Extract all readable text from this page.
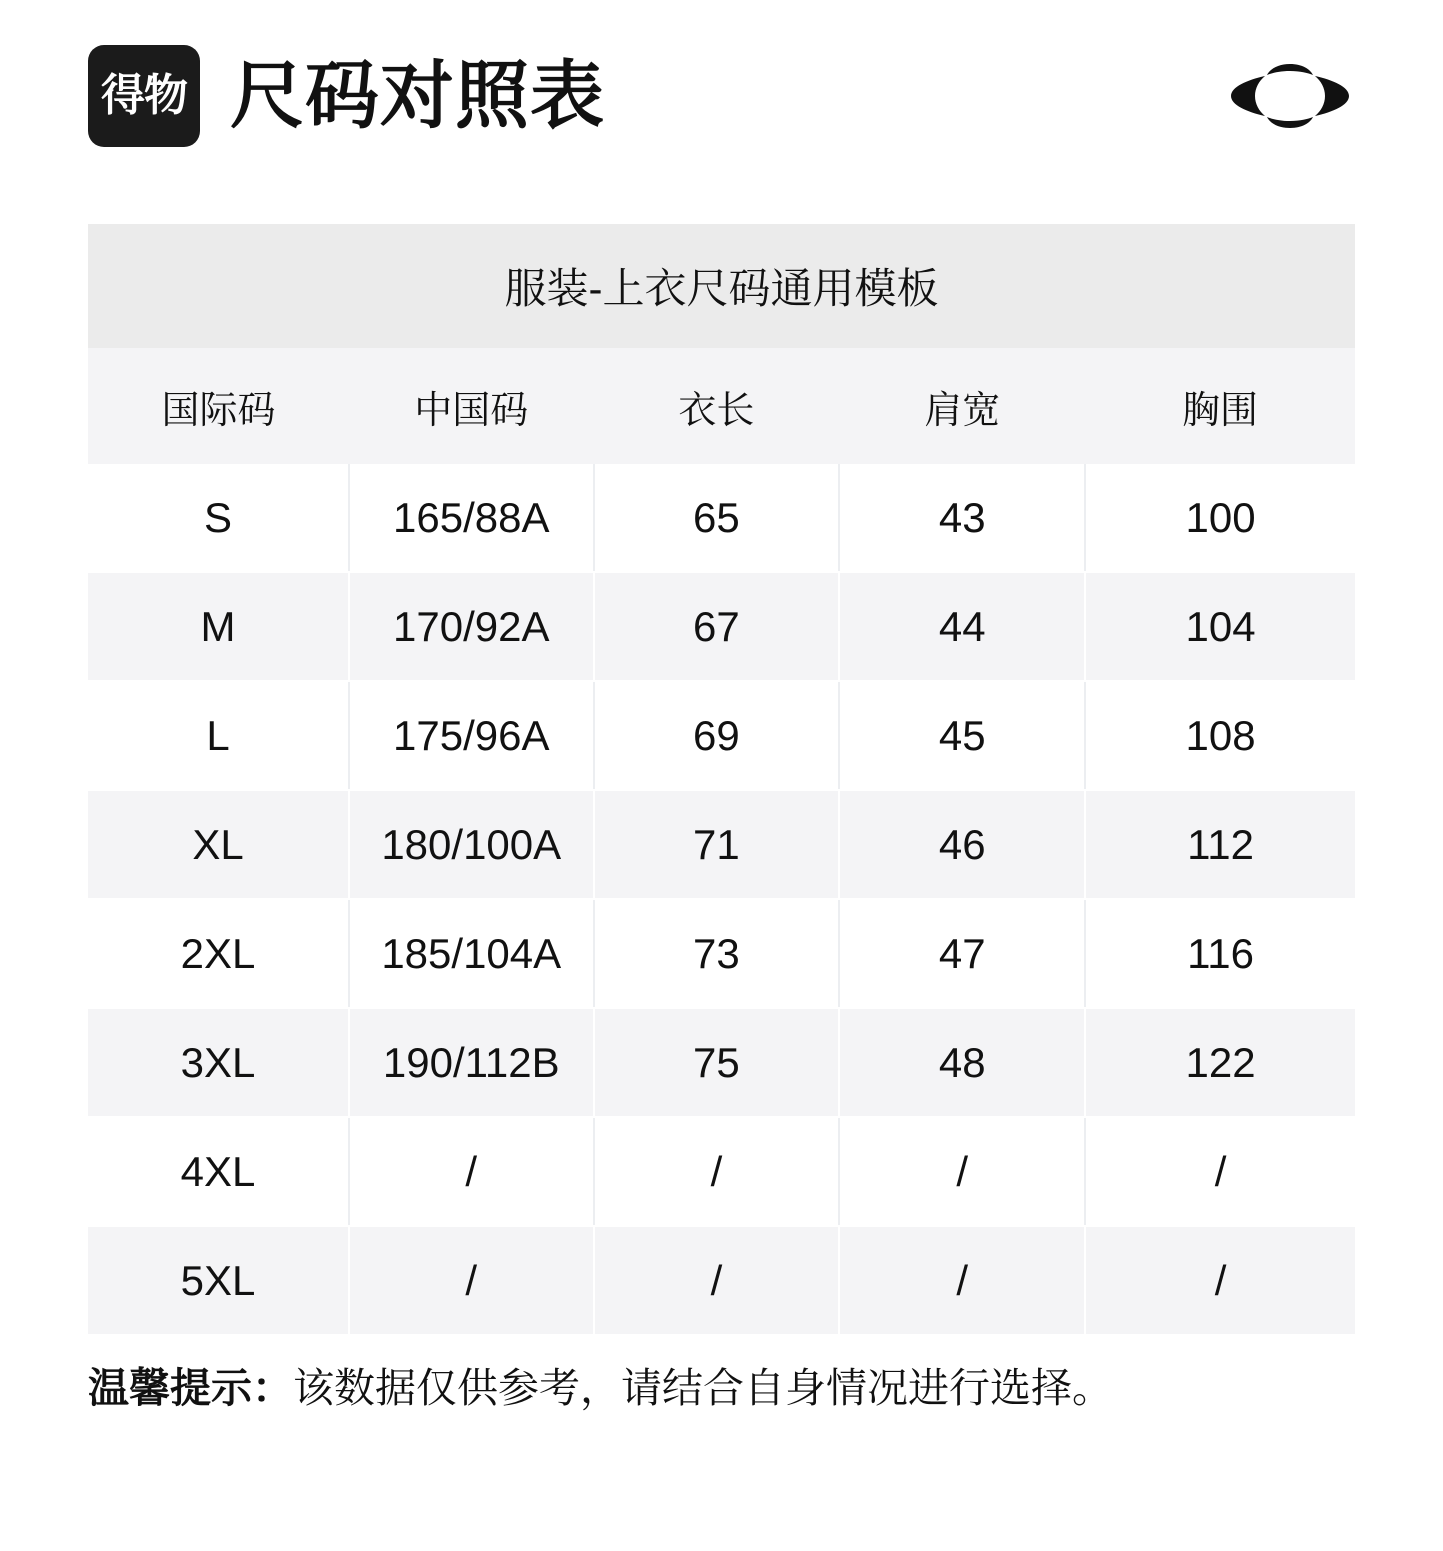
得物 尺码对照表
服装-上衣尺码通用模板
国际码	中国码	衣长	肩宽	胸围
S	165/88A	65	43	100
M	170/92A	67	44	104
L	175/96A	69	45	108
XL	180/100A	71	46	112
2XL	185/104A	73	47	116
3XL	190/112B	75	48	122
4XL	/	/	/	/
5XL	/	/	/	/
温馨提示：该数据仅供参考，请结合自身情况进行选择。
